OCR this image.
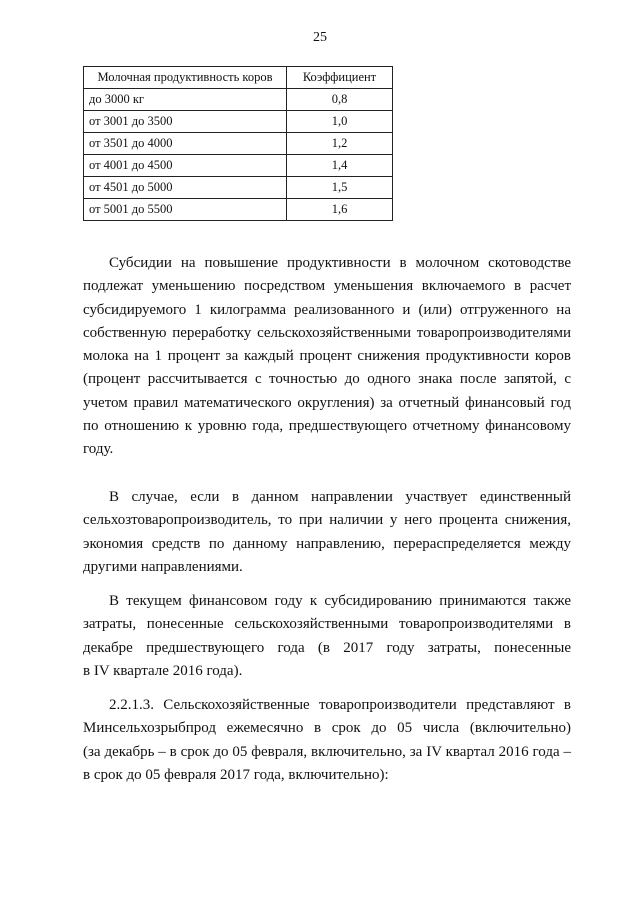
25
Молочная продуктивность коров	Коэффициент
до 3000 кг	0,8
от 3001 до 3500	1,0
от 3501 до 4000	1,2
от 4001 до 4500	1,4
от 4501 до 5000	1,5
от 5001 до 5500	1,6

Субсидии на повышение продуктивности в молочном скотоводстве
подлежат уменьшению посредством уменьшения включаемого в расчет
субсидируемого 1 килограмма реализованного и (или) отгруженного на
собственную переработку сельскохозяйственными товаропроизводителями
молока на 1 процент за каждый процент снижения продуктивности коров
(процент рассчитывается с точностью до одного знака после запятой, с
учетом правил математического округления) за отчетный финансовый год
по отношению к уровню года, предшествующего отчетному финансовому
году.

В случае, если в данном направлении участвует единственный
сельхозтоваропроизводитель, то при наличии у него процента снижения,
экономия средств по данному направлению, перераспределяется между
другими направлениями.

В текущем финансовом году к субсидированию принимаются также
затраты, понесенные сельскохозяйственными товаропроизводителями в
декабре предшествующего года (в 2017 году затраты, понесенные
в IV квартале 2016 года).

2.2.1.3. Сельскохозяйственные товаропроизводители представляют в
Минсельхозрыбпрод ежемесячно в срок до 05 числа (включительно)
(за декабрь – в срок до 05 февраля, включительно, за IV квартал 2016 года –
в срок до 05 февраля 2017 года, включительно):
